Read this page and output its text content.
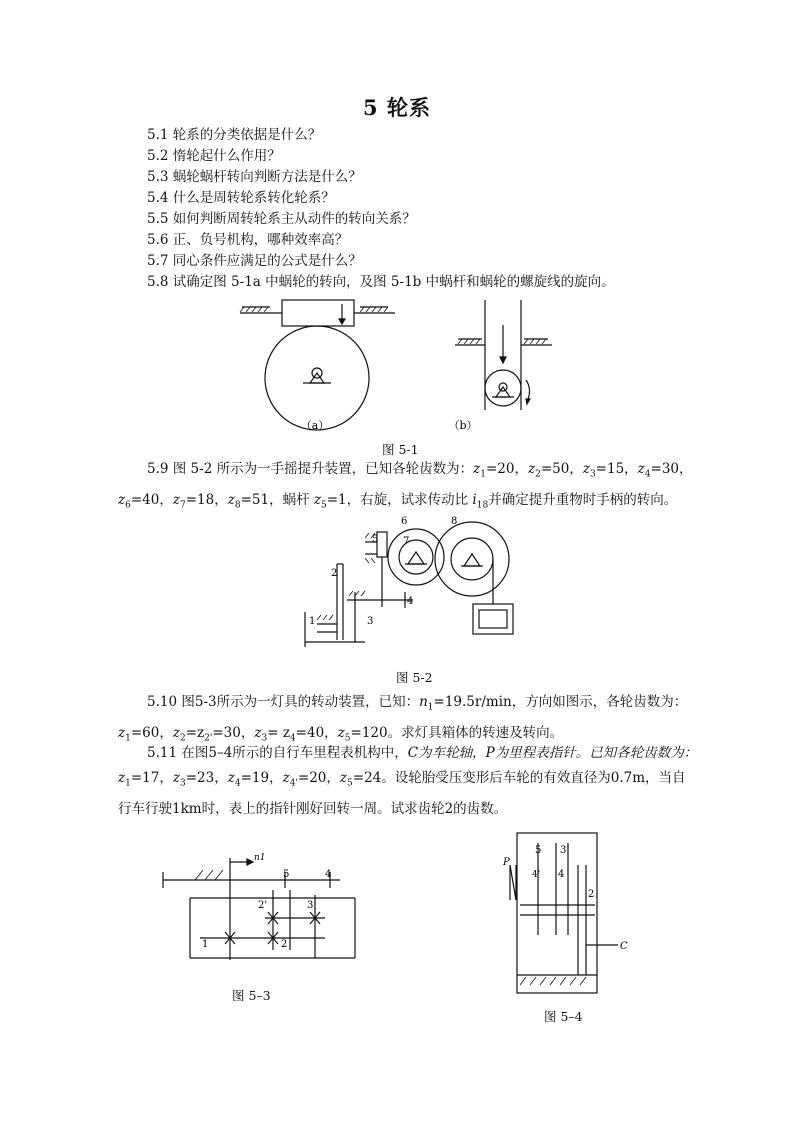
5 轮系
5.1 轮系的分类依据是什么？
5.2 惰轮起什么作用？
5.3 蜗轮蜗杆转向判断方法是什么？
5.4 什么是周转轮系转化轮系？
5.5 如何判断周转轮系主从动件的转向关系？
5.6 正、负号机构，哪种效率高？
5.7 同心条件应满足的公式是什么？
5.8 试确定图 5-1a 中蜗轮的转向，及图 5-1b 中蜗杆和蜗轮的螺旋线的旋向。
（a）	（b）
图 5-1
5.9 图 5-2 所示为一手摇提升装置，已知各轮齿数为：$z_1=20$，$z_2=50$，$z_3=15$，$z_4=30$，$z_6=40$，$z_7=18$，$z_8=51$，蜗杆 $z_5=1$，右旋，试求传动比 $i_{18}$并确定提升重物时手柄的转向。
6	8
7
5
4
2
3
1
图 5-2
5.10 图5-3所示为一灯具的转动装置，已知：$n_1=19.5r/\min$，方向如图示，各轮齿数为：$z_1=60$，$z_2=z_{2'}=30$，$z_3= z_4=40$，$z_5=120$。求灯具箱体的转速及转向。
5.11 在图5–4所示的自行车里程表机构中，C为车轮轴，P为里程表指针。已知各轮齿数为：$z_1=17$，$z_3=23$，$z_4=19$，$z_{4'}=20$，$z_5=24$。设轮胎受压变形后车轮的有效直径为0.7m，当自行车行驶1km时，表上的指针刚好回转一周。试求齿轮2的齿数。
n1
5	4
2'	3
1	2
图 5–3
P
5 3
4' 4
2
C
图 5–4
